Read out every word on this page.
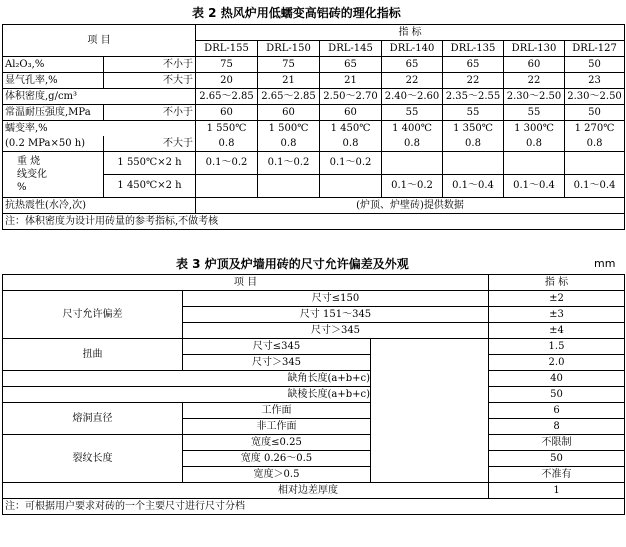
表 2 热风炉用低蠕变高铝砖的理化指标
项 目		指 标						
		DRL-155	DRL-150	DRL-145	DRL-140	DRL-135	DRL-130	DRL-127
Al₂O₃,%	不小于	75	75	65	65	65	60	50
显气孔率,%	不大于	20	21	21	22	22	22	23
体积密度,g/cm³		2.65～2.85	2.65～2.85	2.50～2.70	2.40～2.60	2.35～2.55	2.30～2.50	2.30～2.50
常温耐压强度,MPa	不小于	60	60	60	55	55	55	50
蠕变率,%		1 550℃	1 500℃	1 450℃	1 400℃	1 350℃	1 300℃	1 270℃
(0.2 MPa×50 h)	不大于	0.8	0.8	0.8	0.8	0.8	0.8	0.8

重 烧
线变化
%	1 550℃×2 h	0.1～0.2	0.1～0.2	0.1～0.2				
	1 450℃×2 h				0.1～0.2	0.1～0.4	0.1～0.4	0.1～0.4
抗热震性(水冷,次)		(炉顶、炉壁砖)提供数据						
注：体积密度为设计用砖量的参考指标,不做考核								
表 3 炉顶及炉墙用砖的尺寸允许偏差及外观	mm
项 目			指 标
尺寸允许偏差	尺寸≤150		±2
	尺寸 151～345		±3
	尺寸＞345		±4
扭曲	尺寸≤345		1.5
	尺寸＞345		2.0
缺角长度(a+b+c)			40
缺棱长度(a+b+c)			50
熔洞直径	工作面		6
	非工作面		8
裂纹长度	宽度≤0.25		不限制
	宽度 0.26～0.5		50
	宽度＞0.5		不准有
相对边差厚度			1
注：可根据用户要求对砖的一个主要尺寸进行尺寸分档			
